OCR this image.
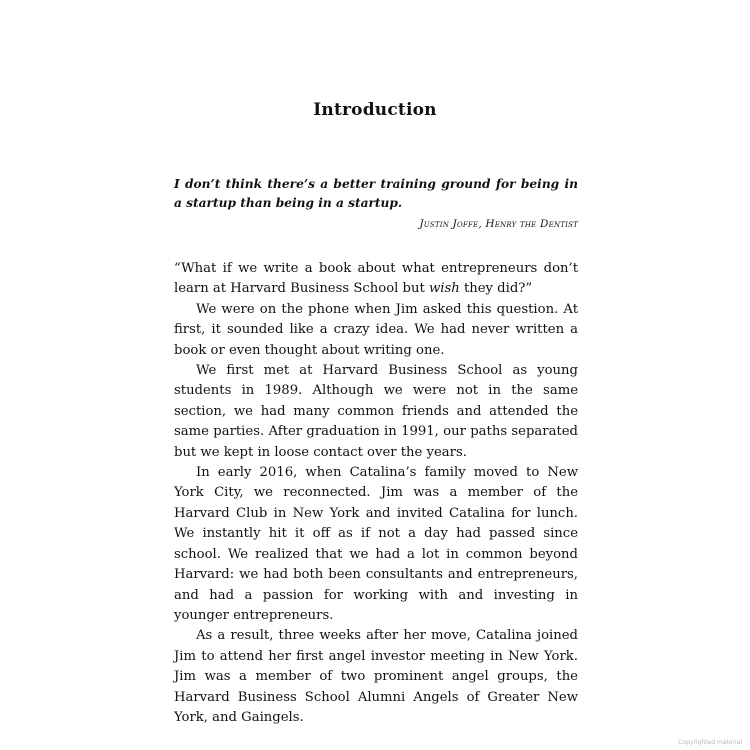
Introduction
I don’t think there’s a better training ground for being in a startup than being in a startup.
Justin Joffe, Henry the Dentist

“What if we write a book about what entrepreneurs don’t learn at Harvard Business School but wish they did?”

We were on the phone when Jim asked this question. At first, it sounded like a crazy idea. We had never written a book or even thought about writing one.

We first met at Harvard Business School as young students in 1989. Although we were not in the same section, we had many common friends and attended the same parties. After graduation in 1991, our paths separated but we kept in loose contact over the years.

In early 2016, when Catalina’s family moved to New York City, we reconnected. Jim was a member of the Harvard Club in New York and invited Catalina for lunch. We instantly hit it off as if not a day had passed since school. We realized that we had a lot in common beyond Harvard: we had both been consultants and entrepreneurs, and had a passion for working with and investing in younger entrepreneurs.

As a result, three weeks after her move, Catalina joined Jim to attend her first angel investor meeting in New York. Jim was a member of two prominent angel groups, the Harvard Business School Alumni Angels of Greater New York, and Gaingels.

Copyrighted material
